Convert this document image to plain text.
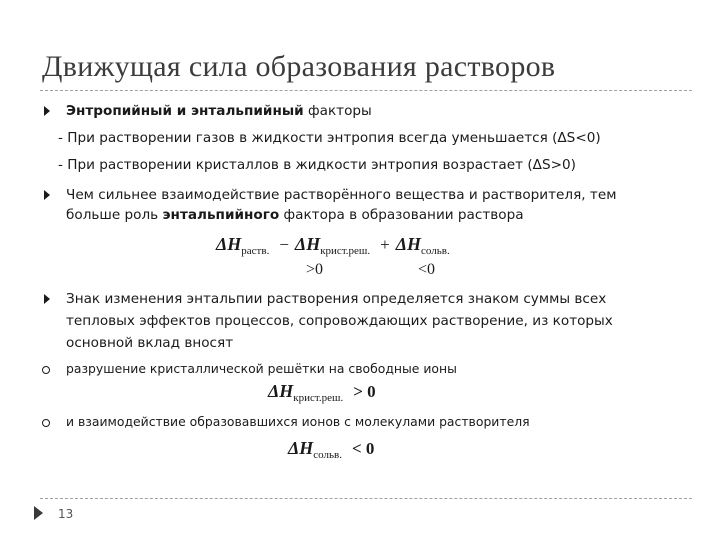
Движущая сила образования растворов
Энтропийный и энтальпийный факторы
- При растворении газов в жидкости энтропия всегда уменьшается (ΔS<0)
- При растворении кристаллов в жидкости энтропия возрастает (ΔS>0)
Чем сильнее взаимодействие растворённого вещества и растворителя, тем
больше роль энтальпийного фактора в образовании раствора
$\Delta H_{раств.} - \Delta H_{крист.реш.} + \Delta H_{сольв.}$
>0	<0
Знак изменения энтальпии растворения определяется знаком суммы всех
тепловых эффектов процессов, сопровождающих растворение, из которых
основной вклад вносят
разрушение кристаллической решётки на свободные ионы
$\Delta H_{крист.реш.} > 0$
и взаимодействие образовавшихся ионов с молекулами растворителя
$\Delta H_{сольв.} < 0$
13
